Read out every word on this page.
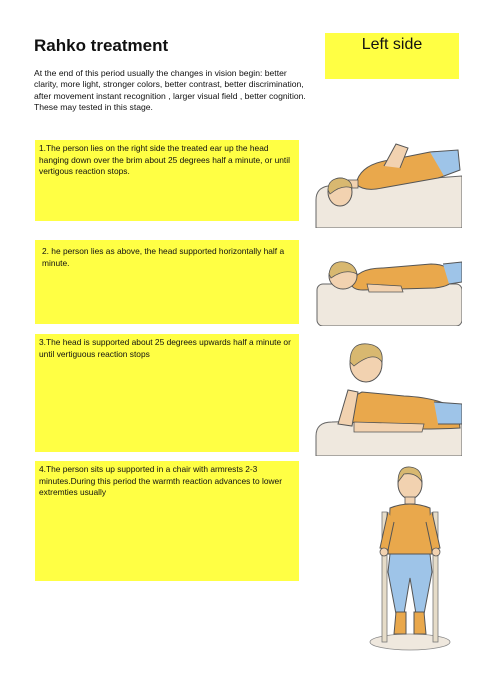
Rahko treatment	Left side

At the end of this period usually the changes in vision begin: better clarity, more light, stronger colors, better contrast, better discrimination, after movement instant recognition , larger visual field , better cognition. These may tested in this stage.

1.The person lies on the right side the treated ear up the head hanging down over the brim about 25 degrees half a minute, or until vertigous reaction stops.
2. he person lies as above, the head supported horizontally half a minute.
3.The head is supported about 25 degrees upwards half a minute or until vertiguous reaction stops
4.The person sits up supported in a chair with armrests 2-3 minutes.During this period the warmth reaction advances to lower extremties usually
